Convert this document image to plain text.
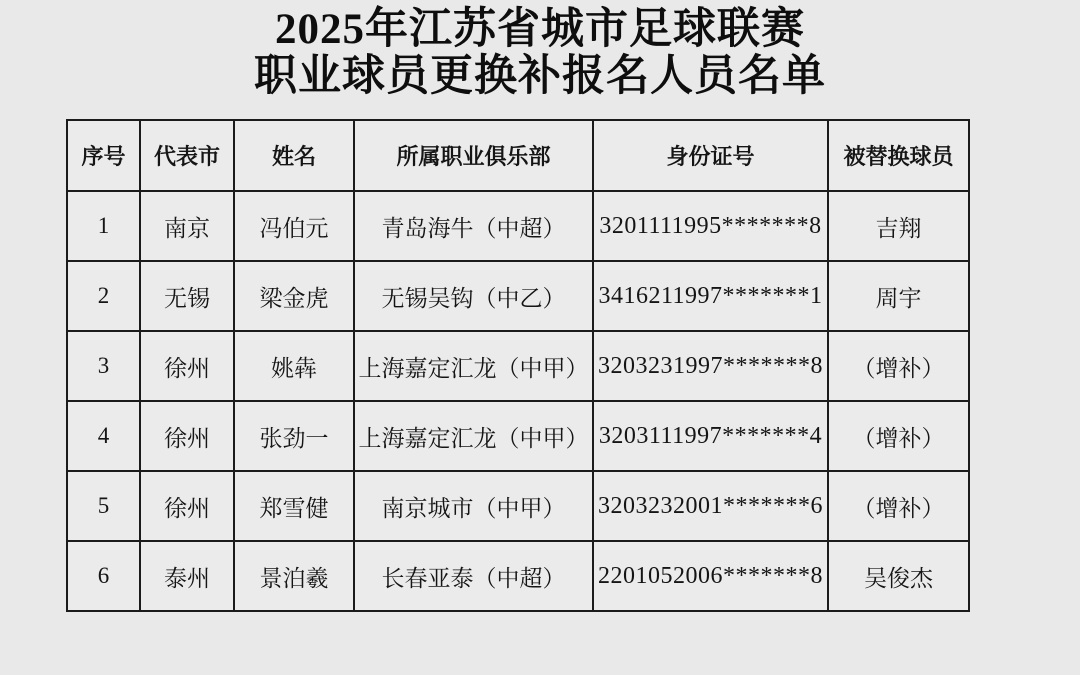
2025年江苏省城市足球联赛
职业球员更换补报名人员名单
序号	代表市	姓名	所属职业俱乐部	身份证号	被替换球员
1	南京	冯伯元	青岛海牛（中超）	3201111995*******8	吉翔
2	无锡	梁金虎	无锡吴钩（中乙）	3416211997*******1	周宇
3	徐州	姚犇	上海嘉定汇龙（中甲）	3203231997*******8	（增补）
4	徐州	张劲一	上海嘉定汇龙（中甲）	3203111997*******4	（增补）
5	徐州	郑雪健	南京城市（中甲）	3203232001*******6	（增补）
6	泰州	景泊羲	长春亚泰（中超）	2201052006*******8	吴俊杰
